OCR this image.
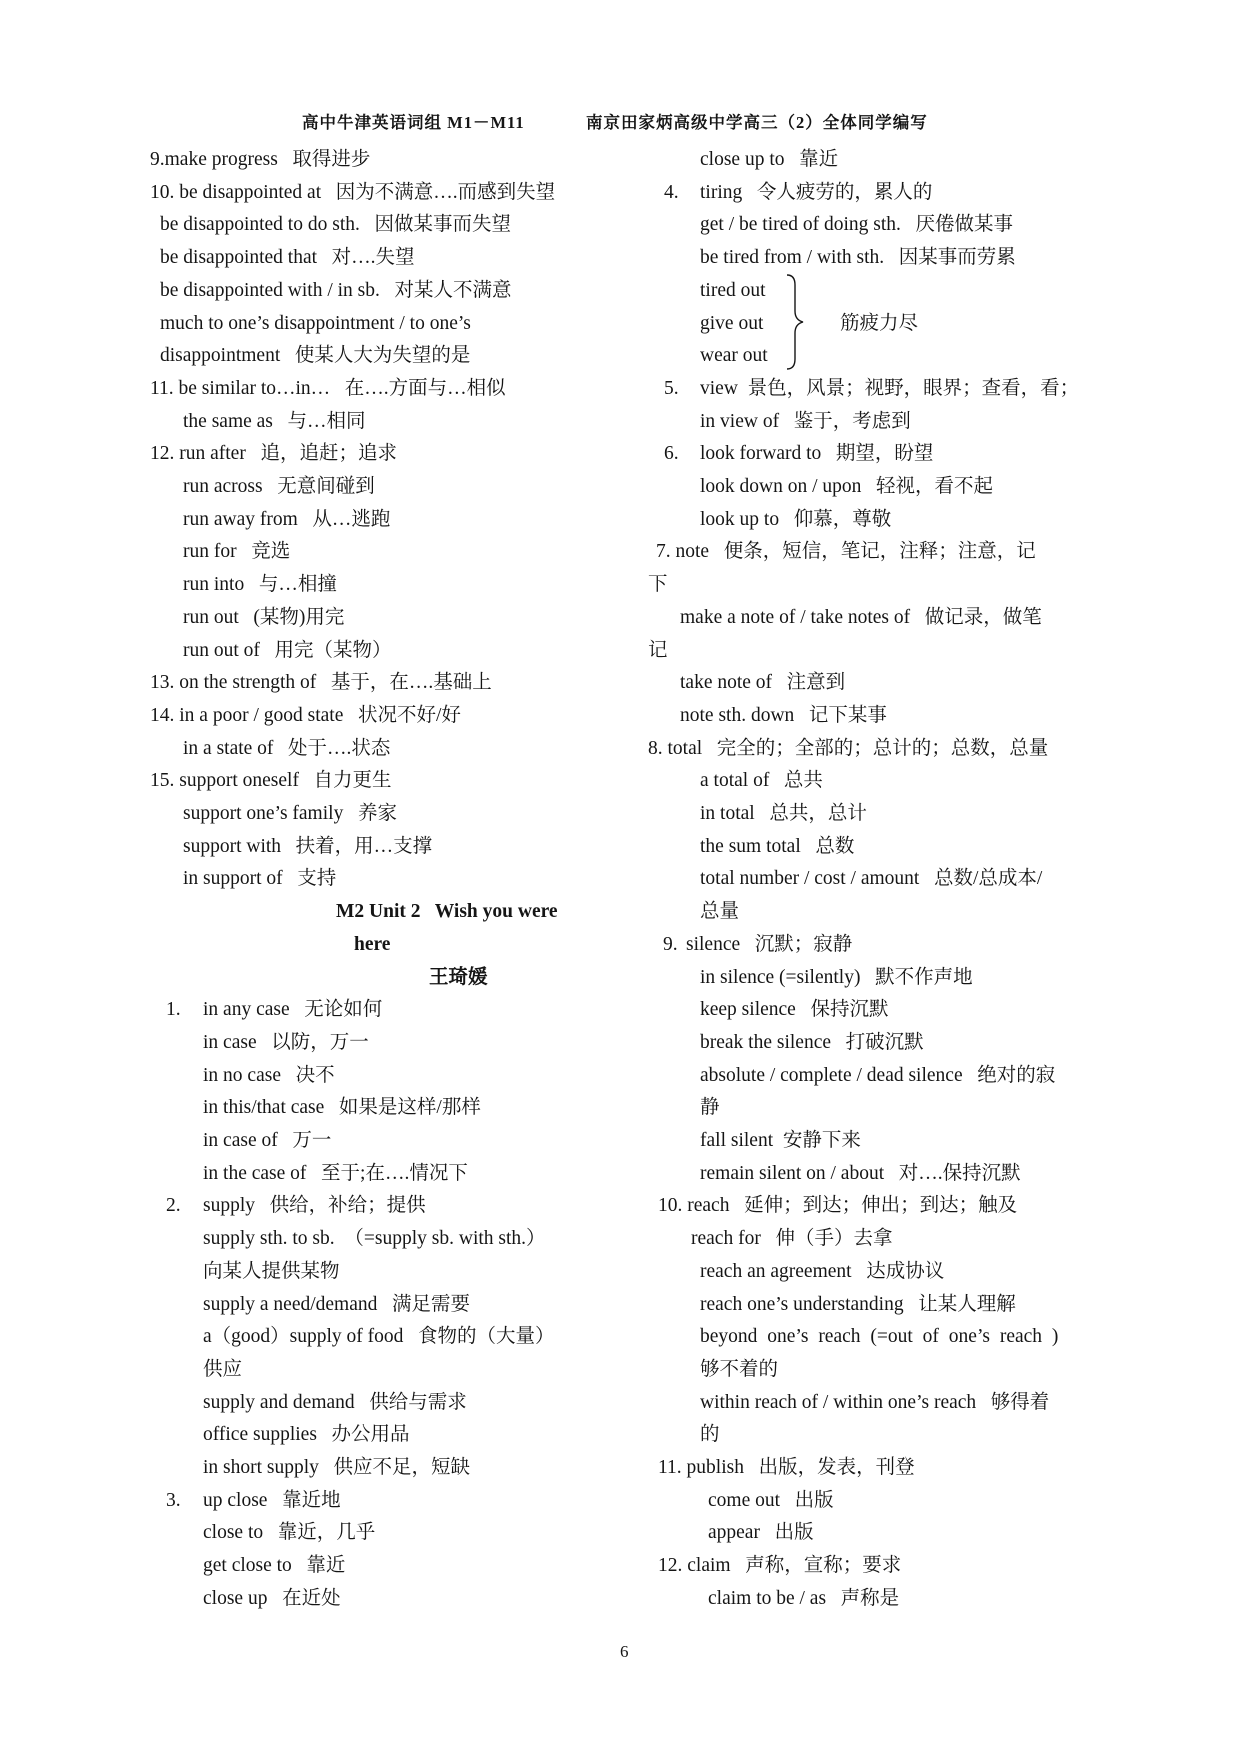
高中牛津英语词组 M1－M11	南京田家炳高级中学高三（2）全体同学编写
9.make progress   取得进步
10. be disappointed at   因为不满意….而感到失望
be disappointed to do sth.   因做某事而失望
be disappointed that   对….失望
be disappointed with / in sb.   对某人不满意
much to one’s disappointment / to one’s
disappointment   使某人大为失望的是
11. be similar to…in…   在….方面与…相似
the same as   与…相同
12. run after   追，追赶；追求
run across   无意间碰到
run away from   从…逃跑
run for   竞选
run into   与…相撞
run out   (某物)用完
run out of   用完（某物）
13. on the strength of   基于，在….基础上
14. in a poor / good state   状况不好/好
in a state of   处于….状态
15. support oneself   自力更生
support one’s family   养家
support with   扶着，用…支撑
in support of   支持
M2 Unit 2   Wish you were
here
王琦媛
1. in any case   无论如何
in case   以防，万一
in no case   决不
in this/that case   如果是这样/那样
in case of   万一
in the case of   至于;在….情况下
2. supply   供给，补给；提供
supply sth. to sb.  （=supply sb. with sth.）
向某人提供某物
supply a need/demand   满足需要
a（good）supply of food   食物的（大量）
供应
supply and demand   供给与需求
office supplies   办公用品
in short supply   供应不足，短缺
3. up close   靠近地
close to   靠近，几乎
get close to   靠近
close up   在近处
close up to   靠近
4. tiring   令人疲劳的，累人的
get / be tired of doing sth.   厌倦做某事
be tired from / with sth.   因某事而劳累
tired out
give out	筋疲力尽
wear out
5. view  景色，风景；视野，眼界；查看，看；
in view of   鉴于，考虑到
6. look forward to   期望，盼望
look down on / upon   轻视，看不起
look up to   仰慕，尊敬
7. note   便条，短信，笔记，注释；注意，记
下
make a note of / take notes of   做记录，做笔
记
take note of   注意到
note sth. down   记下某事
8. total   完全的；全部的；总计的；总数，总量
a total of   总共
in total   总共，总计
the sum total   总数
total number / cost / amount   总数/总成本/
总量
9. silence   沉默；寂静
in silence (=silently)   默不作声地
keep silence   保持沉默
break the silence   打破沉默
absolute / complete / dead silence   绝对的寂
静
fall silent  安静下来
remain silent on / about   对….保持沉默
10. reach   延伸；到达；伸出；到达；触及
reach for   伸（手）去拿
reach an agreement   达成协议
reach one’s understanding   让某人理解
beyond one’s reach (=out of one’s reach )
够不着的
within reach of / within one’s reach   够得着
的
11. publish   出版，发表，刊登
come out   出版
appear   出版
12. claim   声称，宣称；要求
claim to be / as   声称是
6
